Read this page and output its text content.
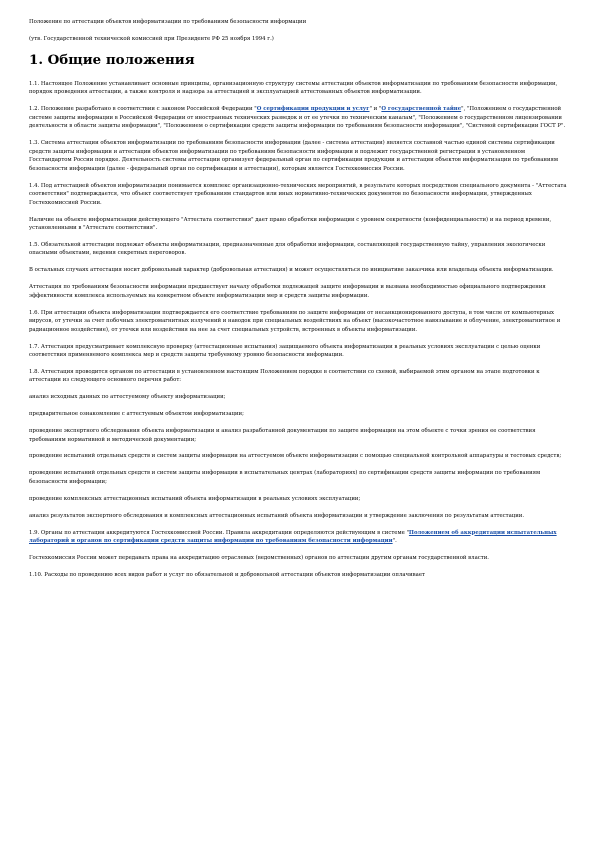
Положение по аттестации объектов информатизации по требованиям безопасности информации
(утв. Государственной технической комиссией при Президенте РФ 25 ноября 1994 г.)
1. Общие положения
1.1. Настоящее Положение устанавливает основные принципы, организационную структуру системы аттестации объектов информатизации по требованиям безопасности информации, порядок проведения аттестации, а также контроля и надзора за аттестацией и эксплуатацией аттестованных объектов информатизации.
1.2. Положение разработано в соответствии с законом Российской Федерации "О сертификации продукции и услуг" и "О государственной тайне", "Положением о государственной системе защиты информации в Российской Федерации от иностранных технических разведок и от ее утечки по техническим каналам", "Положением о государственном лицензировании деятельности в области защиты информации", "Положением о сертификации средств защиты информации по требованиям безопасности информации", "Системой сертификации ГОСТ Р".
1.3. Система аттестации объектов информатизации по требованиям безопасности информации (далее - система аттестации) является составной частью единой системы сертификации средств защиты информации и аттестации объектов информатизации по требованиям безопасности информации и подлежит государственной регистрации в установленном Госстандартом России порядке. Деятельность системы аттестации организует федеральный орган по сертификации продукции и аттестации объектов информатизации по требованиям безопасности информации (далее - федеральный орган по сертификации и аттестации), которым является Гостехкомиссия России.
1.4. Под аттестацией объектов информатизации понимается комплекс организационно-технических мероприятий, в результате которых посредством специального документа - "Аттестата соответствия" подтверждается, что объект соответствует требованиям стандартов или иных нормативно-технических документов по безопасности информации, утвержденных Гостехкомиссией России.
Наличие на объекте информатизации действующего "Аттестата соответствия" дает право обработки информации с уровнем секретности (конфиденциальности) и на период времени, установленными в "Аттестате соответствия".
1.5. Обязательной аттестации подлежат объекты информатизации, предназначенные для обработки информации, составляющей государственную тайну, управления экологически опасными объектами, ведения секретных переговоров.
В остальных случаях аттестация носит добровольный характер (добровольная аттестация) и может осуществляться по инициативе заказчика или владельца объекта информатизации.
Аттестация по требованиям безопасности информации предшествует началу обработки подлежащей защите информации и вызвана необходимостью официального подтверждения эффективности комплекса используемых на конкретном объекте информатизации мер и средств защиты информации.
1.6. При аттестации объекта информатизации подтверждается его соответствие требованиям по защите информации от несанкционированного доступа, в том числе от компьютерных вирусов, от утечки за счет побочных электромагнитных излучений и наводок при специальных воздействиях на объект (высокочастотное навязывание и облучение, электромагнитное и радиационное воздействие), от утечки или воздействия на нее за счет специальных устройств, встроенных в объекты информатизации.
1.7. Аттестация предусматривает комплексную проверку (аттестационные испытания) защищаемого объекта информатизации в реальных условиях эксплуатации с целью оценки соответствия применяемого комплекса мер и средств защиты требуемому уровню безопасности информации.
1.8. Аттестация проводится органом по аттестации в установленном настоящим Положением порядке в соответствии со схемой, выбираемой этим органом на этапе подготовки к аттестации из следующего основного перечня работ:
анализ исходных данных по аттестуемому объекту информатизации;
предварительное ознакомление с аттестуемым объектом информатизации;
проведение экспертного обследования объекта информатизации и анализ разработанной документации по защите информации на этом объекте с точки зрения ее соответствия требованиям нормативной и методической документации;
проведение испытаний отдельных средств и систем защиты информации на аттестуемом объекте информатизации с помощью специальной контрольной аппаратуры и тестовых средств;
проведение испытаний отдельных средств и систем защиты информации в испытательных центрах (лабораториях) по сертификации средств защиты информации по требованиям безопасности информации;
проведение комплексных аттестационных испытаний объекта информатизации в реальных условиях эксплуатации;
анализ результатов экспертного обследования и комплексных аттестационных испытаний объекта информатизации и утверждение заключения по результатам аттестации.
1.9. Органы по аттестации аккредитуются Гостехкомиссией России. Правила аккредитации определяются действующим в системе "Положением об аккредитации испытательных лабораторий и органов по сертификации средств защиты информации по требованиям безопасности информации".
Гостехкомиссия России может передавать права на аккредитацию отраслевых (ведомственных) органов по аттестации другим органам государственной власти.
1.10. Расходы по проведению всех видов работ и услуг по обязательной и добровольной аттестации объектов информатизации оплачивает
